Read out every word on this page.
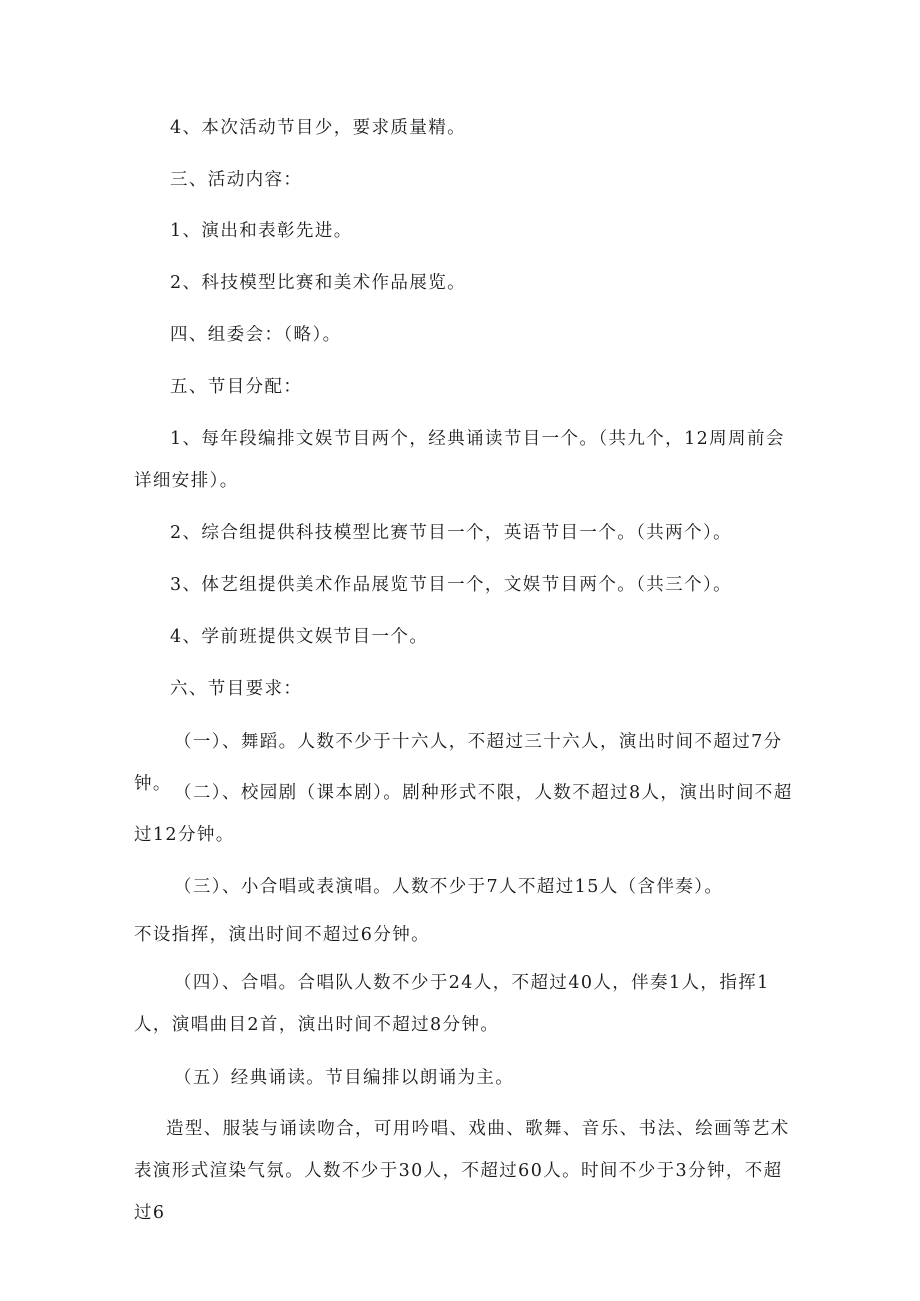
4、本次活动节目少，要求质量精。

三、活动内容：

1、演出和表彰先进。

2、科技模型比赛和美术作品展览。

四、组委会：（略）。

五、节目分配：

1、每年段编排文娱节目两个，经典诵读节目一个。（共九个，12周周前会详细安排）。

2、综合组提供科技模型比赛节目一个，英语节目一个。（共两个）。

3、体艺组提供美术作品展览节目一个，文娱节目两个。（共三个）。

4、学前班提供文娱节目一个。

六、节目要求：

（一）、舞蹈。人数不少于十六人，不超过三十六人，演出时间不超过7分钟。 （二）、校园剧（课本剧）。剧种形式不限，人数不超过8人，演出时间不超过12分钟。

（三）、小合唱或表演唱。人数不少于7人不超过15人（含伴奏）。

不设指挥，演出时间不超过6分钟。

（四）、合唱。合唱队人数不少于24人，不超过40人，伴奏1人，指挥1人，演唱曲目2首，演出时间不超过8分钟。

（五）经典诵读。节目编排以朗诵为主。

造型、服装与诵读吻合，可用吟唱、戏曲、歌舞、音乐、书法、绘画等艺术表演形式渲染气氛。人数不少于30人，不超过60人。时间不少于3分钟，不超过6
